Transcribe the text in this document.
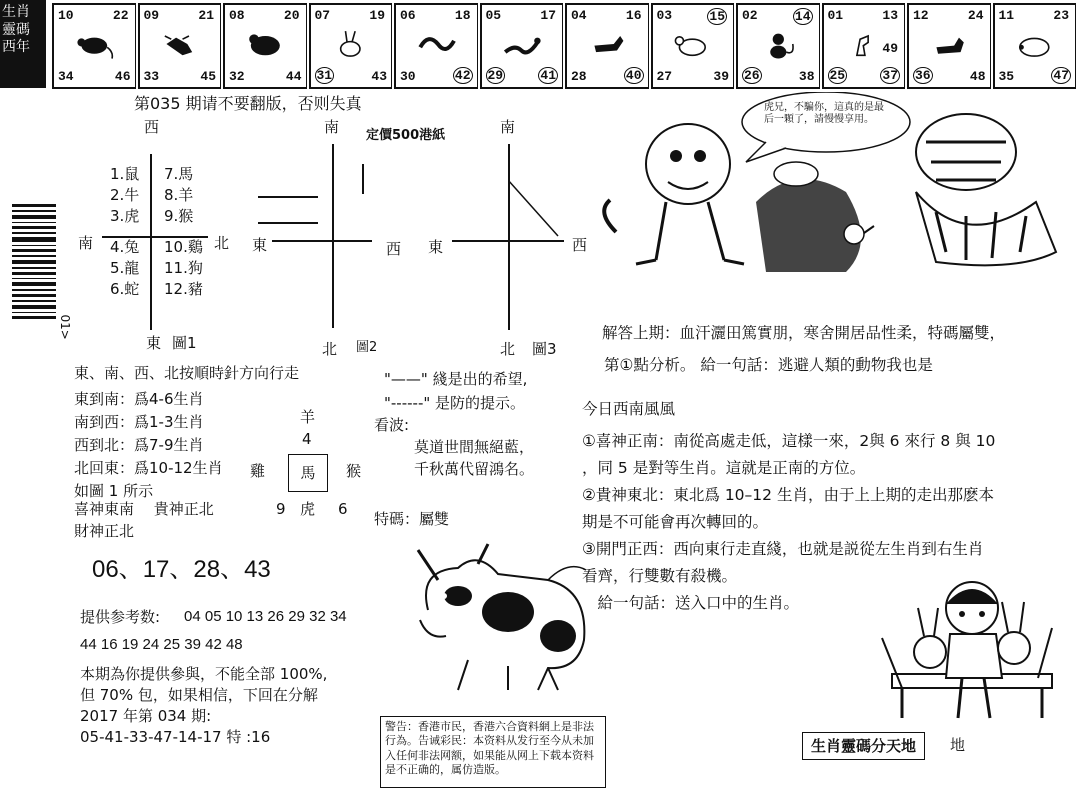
生肖
靈碼
西年
10	22
34	46
09	21
33	45
08	20
32	44
07	19
31	43
06	18
30	42
05	17
29	41
04	16
28	40
03	15
27	39
02	14
26	38
01	13
25	37
49
12	24
36	48
11	23
35	47
01>
第035 期请不要翻版，否则失真
定價500港紙
西
南	北
東 圖1
1.鼠
2.牛
3.虎
4.兔
5.龍
6.蛇
7.馬
8.羊
9.猴
10.鷄
11.狗
12.豬
南
東	西
北 圖2
南
東	西
北 圖3
虎兄，不騙你，這真的是最后一顆了，請慢慢享用。
東、南、西、北按順時針方向行走
東到南：爲4-6生肖
南到西：爲1-3生肖
西到北：爲7-9生肖
北回東：爲10-12生肖
如圖 1 所示
喜神東南　 貴神正北
財神正北
羊
4
雞	馬	猴
9 虎 6
"——" 綫是出的希望,
"------" 是防的提示。
看波:
莫道世間無絕藍，
千秋萬代留鴻名。
特碼：屬雙
06、17、28、43
提供参考数: 04 05 10 13 26 29 32 34
44 16 19 24 25 39 42 48
本期為你提供參與，不能全部 100%,
但 70% 包，如果相信，下回在分解
2017 年第 034 期:
05-41-33-47-14-17 特 :16
警告：香港市民，香港六合資料網上是非法行為。告诫彩民：本资料从发行至今从未加入任何非法网额，如果能从网上下载本资料是不正确的，属仿造版。
解答上期：血汗灑田篤實朋，寒舍開居品性柔，特碼屬雙，
第①點分析。 給一句話：逃避人類的動物我也是
今日西南風風
①喜神正南：南從高處走低，這樣一來，2與 6 來行 8 與 10
，同 5 是對等生肖。這就是正南的方位。
②貴神東北：東北爲 10–12 生肖，由于上上期的走出那麽本
期是不可能會再次轉回的。
③開門正西：西向東行走直綫，也就是説從左生肖到右生肖
看齊，行雙數有殺機。
　給一句話：送入口中的生肖。
生肖靈碼分天地	地
